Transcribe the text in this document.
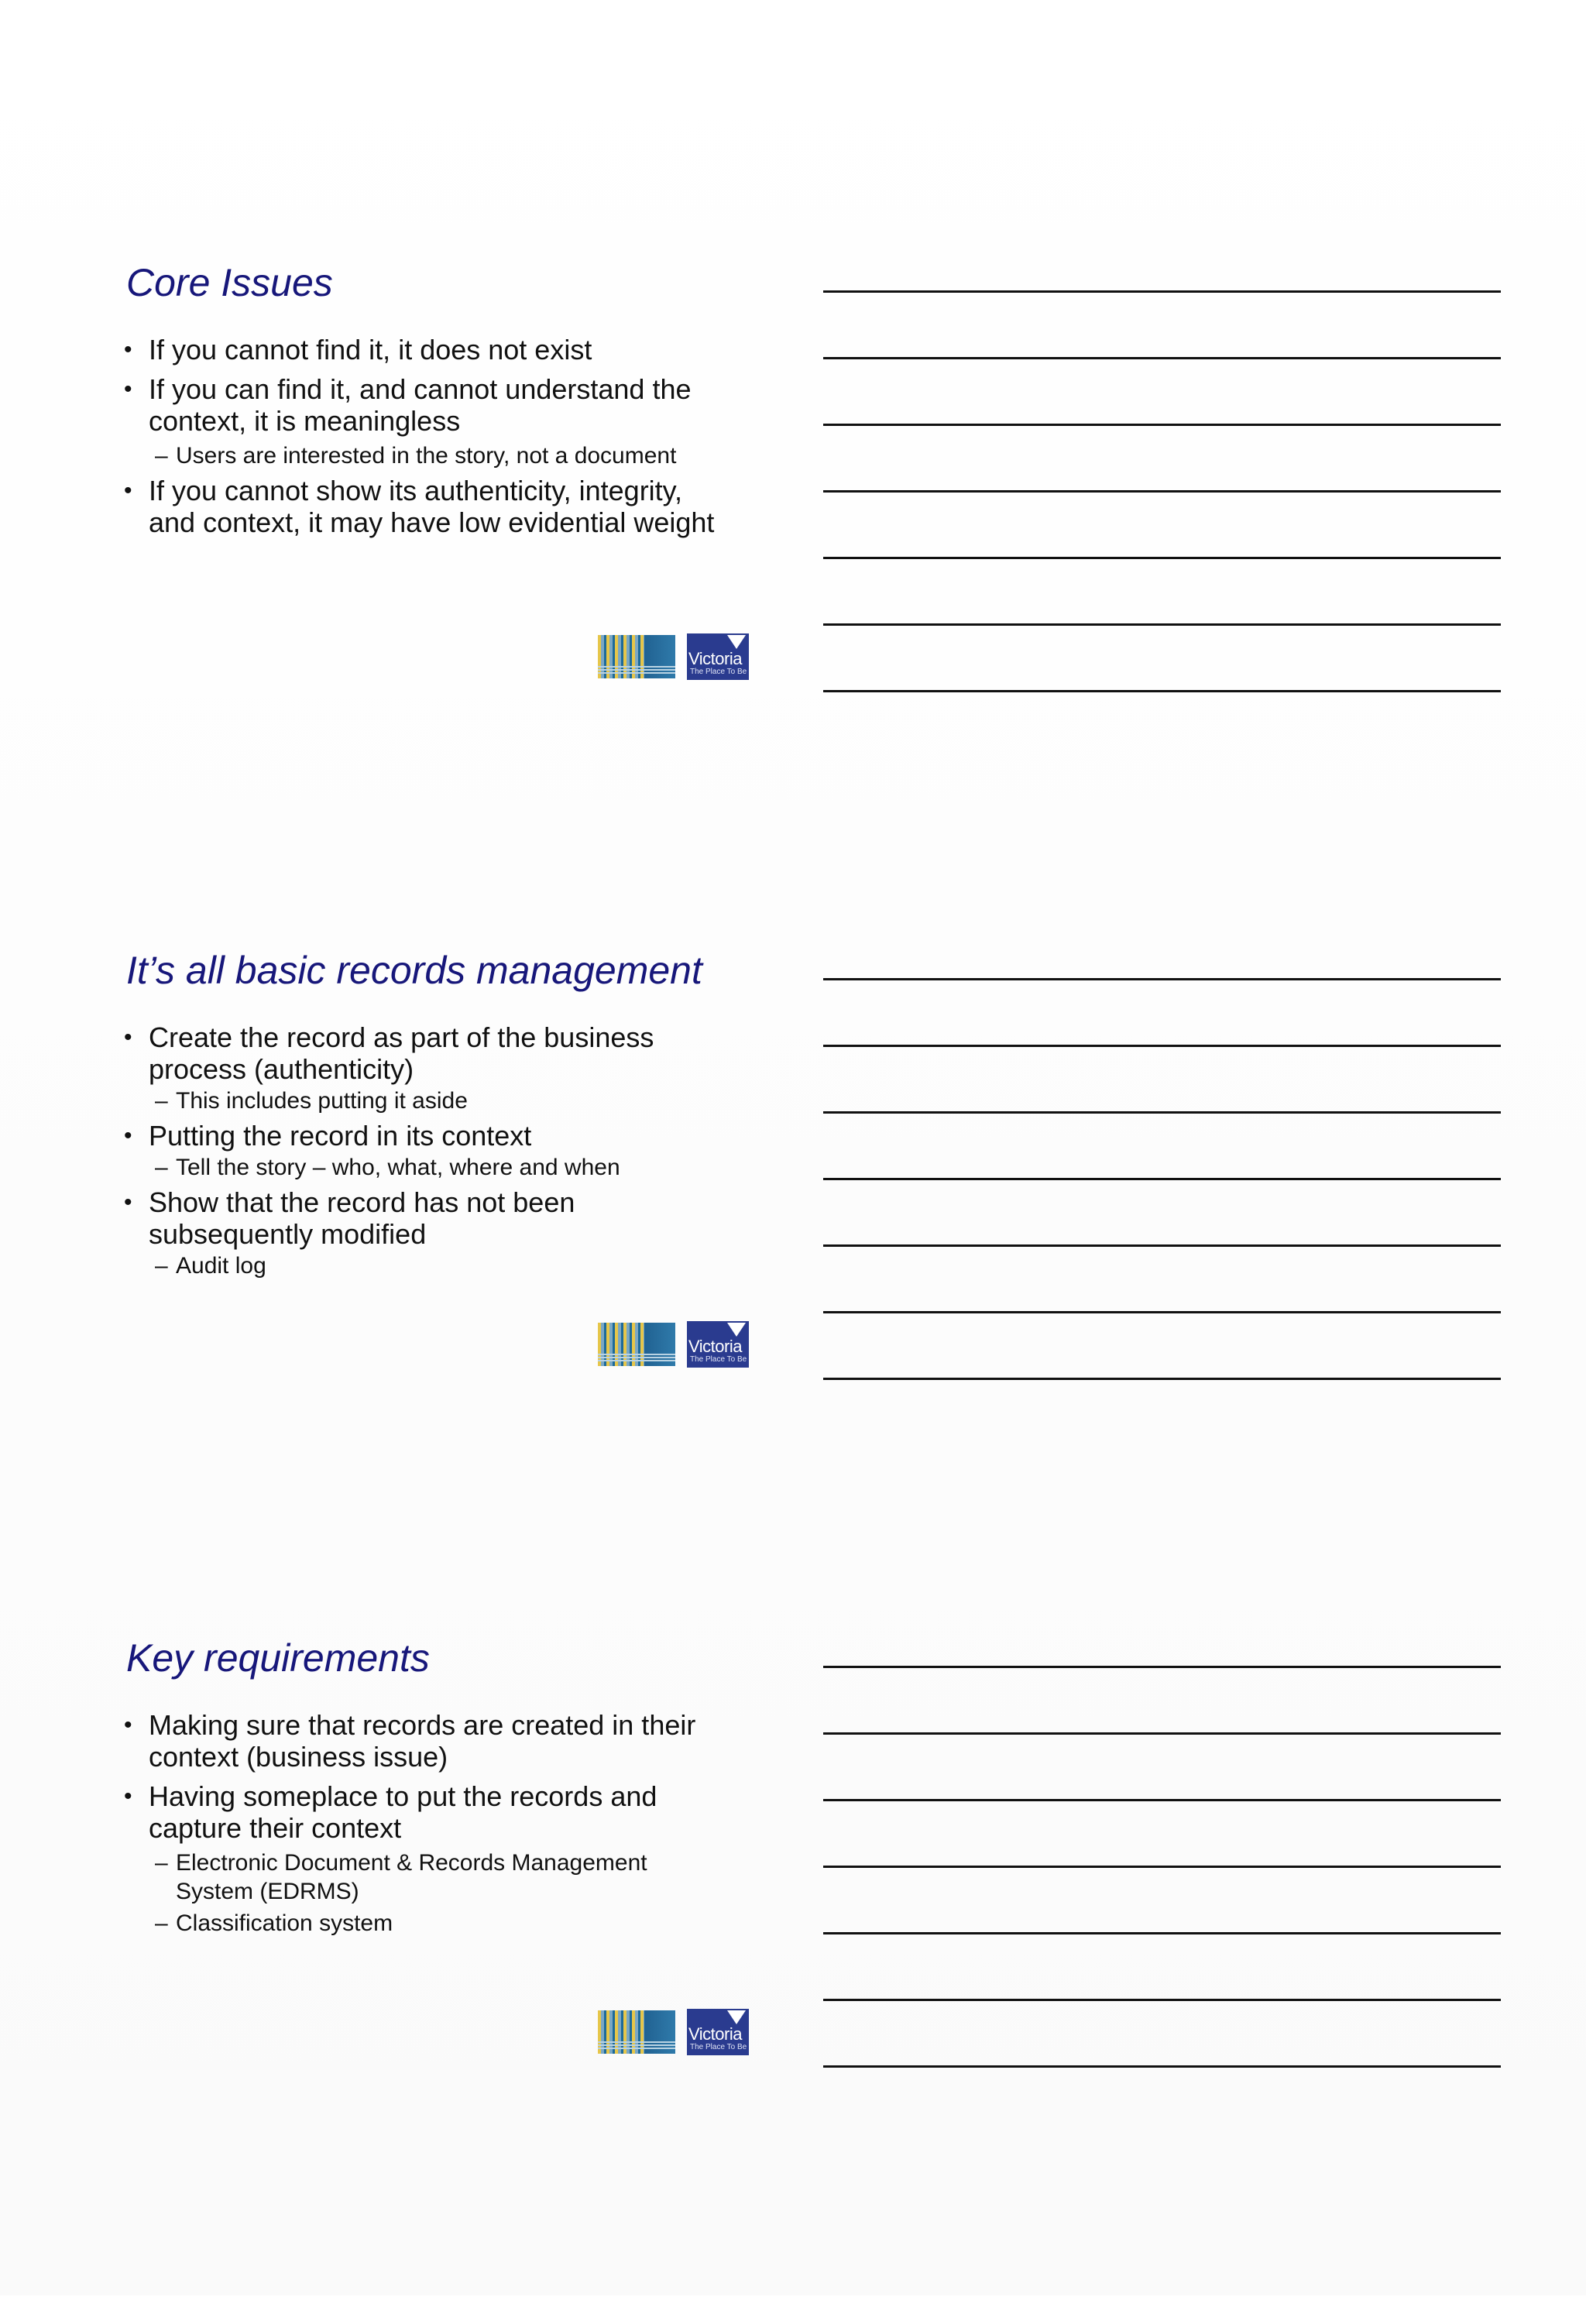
Core Issues
• If you cannot find it, it does not exist
• If you can find it, and cannot understand the context, it is meaningless
– Users are interested in the story, not a document
• If you cannot show its authenticity, integrity, and context, it may have low evidential weight
Victoria
The Place To Be
It’s all basic records management
• Create the record as part of the business process (authenticity)
– This includes putting it aside
• Putting the record in its context
– Tell the story – who, what, where and when
• Show that the record has not been subsequently modified
– Audit log
Victoria
The Place To Be
Key requirements
• Making sure that records are created in their context (business issue)
• Having someplace to put the records and capture their context
– Electronic Document & Records Management System (EDRMS)
– Classification system
Victoria
The Place To Be
